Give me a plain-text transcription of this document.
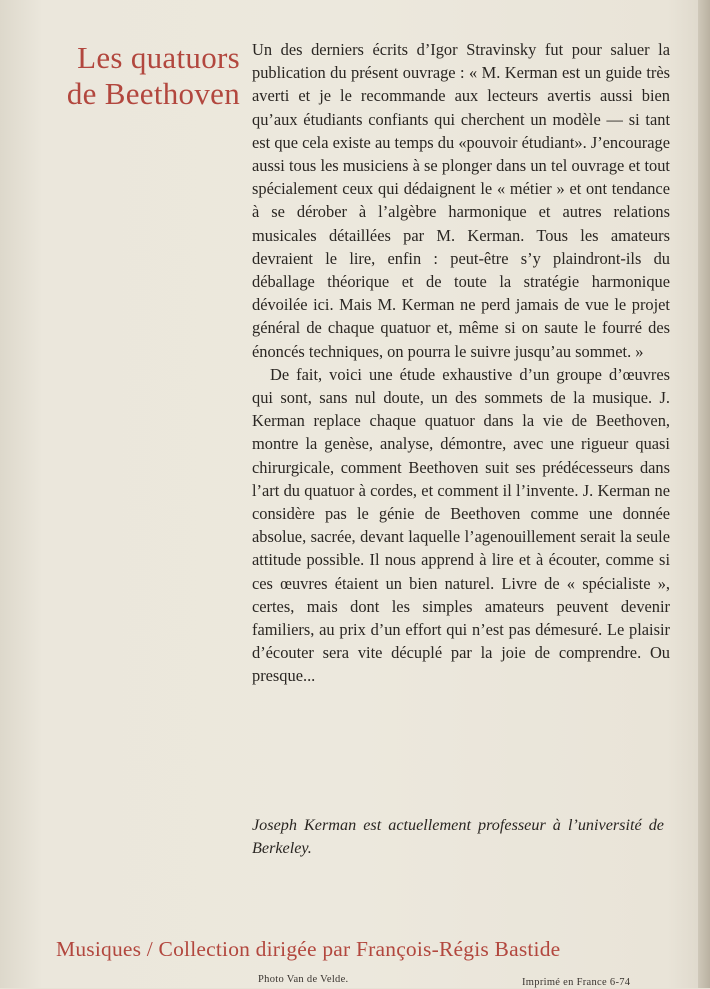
Les quatuors
de Beethoven

Un des derniers écrits d’Igor Stravinsky fut pour saluer la publication du présent ouvrage : « M. Kerman est un guide très averti et je le recommande aux lecteurs avertis aussi bien qu’aux étudiants confiants qui cherchent un modèle — si tant est que cela existe au temps du «pouvoir étudiant». J’encourage aussi tous les musiciens à se plonger dans un tel ouvrage et tout spécialement ceux qui dédaignent le « métier » et ont tendance à se dérober à l’algèbre harmonique et autres relations musicales détaillées par M. Kerman. Tous les amateurs devraient le lire, enfin : peut-être s’y plaindront-ils du déballage théorique et de toute la stratégie harmonique dévoilée ici. Mais M. Kerman ne perd jamais de vue le projet général de chaque quatuor et, même si on saute le fourré des énoncés techniques, on pourra le suivre jusqu’au sommet. »

De fait, voici une étude exhaustive d’un groupe d’œuvres qui sont, sans nul doute, un des sommets de la musique. J. Kerman replace chaque quatuor dans la vie de Beethoven, montre la genèse, analyse, démontre, avec une rigueur quasi chirurgicale, comment Beethoven suit ses prédécesseurs dans l’art du quatuor à cordes, et comment il l’invente. J. Kerman ne considère pas le génie de Beethoven comme une donnée absolue, sacrée, devant laquelle l’agenouillement serait la seule attitude possible. Il nous apprend à lire et à écouter, comme si ces œuvres étaient un bien naturel. Livre de « spécialiste », certes, mais dont les simples amateurs peuvent devenir familiers, au prix d’un effort qui n’est pas démesuré. Le plaisir d’écouter sera vite décuplé par la joie de comprendre. Ou presque...

Joseph Kerman est actuellement professeur à l’université de Berkeley.
Musiques / Collection dirigée par François-Régis Bastide
Photo Van de Velde.	Imprimé en France 6-74
